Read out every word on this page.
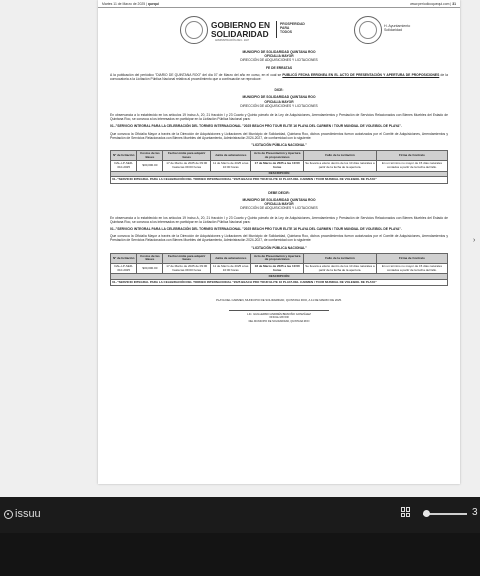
Martes 11 de Marzo de 2025 | quequi	www.periodicoquequi.com | 31
GOBIERNO EN
SOLIDARIDAD
ADMINISTRACIÓN 2024 - 2027
PROSPERIDAD
PARA
TODOS
H. Ayuntamiento
Solidaridad
MUNICIPIO DE SOLIDARIDAD QUINTANA ROO
OFICIALIA MAYOR
DIRECCIÓN DE ADQUISICIONES Y LICITACIONES
FE DE ERRATAS
A la publicación del periódico "DIARIO DE QUINTANA ROO" del día 07 de Marzo del año en curso, en el cual se PUBLICÓ FECHA ERRONEA EN EL ACTO DE PRESENTACIÓN Y APERTURA DE PROPOSICIONES de la convocatoria a la Licitación Pública Nacional relativa al procedimiento que a continuación se reproduce:
DICE:
MUNICIPIO DE SOLIDARIDAD QUINTANA ROO
OFICIALIA MAYOR
DIRECCIÓN DE ADQUISICIONES Y LICITACIONES
En observancia a lo establecido en los artículos 19 inciso A, 20, 21 fracción I y 23 Cuarto y Quinto párrafo de la Ley de Adquisiciones, Arrendamientos y Prestación de Servicios Relacionados con Bienes Muebles del Estado de Quintana Roo, se convoca a los interesados en participar en la Licitación Pública Nacional para:
01.-"SERVICIO INTEGRAL PARA LA CELEBRACIÓN DEL TORNEO INTERNACIONAL "2025 BEACH PRO TOUR ELITE 16 PLAYA DEL CARMEN / TOUR MUNDIAL DE VOLEIBOL DE PLAYA".
Que convoca la Oficialía Mayor a través de la Dirección de Adquisiciones y Licitaciones del Municipio de Solidaridad, Quintana Roo, dichos procedimientos fueron autorizados por el Comité de Adquisiciones, Arrendamientos y Prestación de Servicios Relacionados con Bienes Muebles del Ayuntamiento, Administración 2024-2027, de conformidad con lo siguiente:
"LICITACIÓN PÚBLICA NACIONAL"
Nº de licitación	Costos de las Bases	Fecha Límite para adquirir bases	Junta de aclaraciones	Acto de Presentación y Apertura de proposiciones	Fallo de la Licitación	Firma de Contrato
DAL-LP-SER-010-2025	$30,000.00	17 de Marzo de 2025 de 09:00 hasta las 09:00 horas	11 de Marzo de 2025 a las 10:00 horas	17 de Marzo de 2025 a las 10:00 horas	Se llevará a efecto dentro de los 10 días naturales a partir de la fecha de la apertura.	En un término no mayor de 15 días naturales contados a partir de la fecha del fallo.
DESCRIPCIÓN						
01.-"SERVICIO INTEGRAL PARA LA CELEBRACIÓN DEL TORNEO INTERNACIONAL "2025 BEACH PRO TOUR ELITE 16 PLAYA DEL CARMEN / TOUR MUNDIAL DE VOLEIBOL DE PLAYA"						
DEBE DECIR:
MUNICIPIO DE SOLIDARIDAD QUINTANA ROO
OFICIALIA MAYOR
DIRECCIÓN DE ADQUISICIONES Y LICITACIONES
En observancia a lo establecido en los artículos 19 inciso A, 20, 21 fracción I y 23 Cuarto y Quinto párrafo de la Ley de Adquisiciones, Arrendamientos y Prestación de Servicios Relacionados con Bienes Muebles del Estado de Quintana Roo, se convoca a los interesados en participar en la Licitación Pública Nacional para:
01.-"SERVICIO INTEGRAL PARA LA CELEBRACIÓN DEL TORNEO INTERNACIONAL "2025 BEACH PRO TOUR ELITE 16 PLAYA DEL CARMEN / TOUR MUNDIAL DE VOLEIBOL DE PLAYA".
Que convoca la Oficialía Mayor a través de la Dirección de Adquisiciones y Licitaciones del Municipio de Solidaridad, Quintana Roo, dichos procedimientos fueron autorizados por el Comité de Adquisiciones, Arrendamientos y Prestación de Servicios Relacionados con Bienes Muebles del Ayuntamiento, Administración 2024-2027, de conformidad con lo siguiente:
"LICITACIÓN PÚBLICA NACIONAL"
Nº de licitación	Costos de las Bases	Fecha Límite para adquirir bases	Junta de aclaraciones	Acto de Presentación y Apertura de proposiciones	Fallo de la Licitación	Firma de Contrato
DAL-LP-SER-010-2025	$30,000.00	17 de Marzo de 2025 de 09:00 hasta las 09:00 horas	11 de Marzo de 2025 a las 10:00 horas	18 de Marzo de 2025 a las 10:00 horas	Se llevará a efecto dentro de los 10 días naturales a partir de la fecha de la apertura.	En un término no mayor de 15 días naturales contados a partir de la fecha del fallo.
DESCRIPCIÓN						
01.-"SERVICIO INTEGRAL PARA LA CELEBRACIÓN DEL TORNEO INTERNACIONAL "2025 BEACH PRO TOUR ELITE 16 PLAYA DEL CARMEN / TOUR MUNDIAL DE VOLEIBOL DE PLAYA"						
PLAYA DEL CARMEN, MUNICIPIO DE SOLIDARIDAD, QUINTANA ROO, A 11 DE MARZO DE 2025.
LIC. GUILLERMO ANDRÉS BRAVIÑO GONZÁLEZ
OFICIAL MAYOR
DEL MUNICIPIO DE SOLIDARIDAD, QUINTANA ROO
›
issuu	3
